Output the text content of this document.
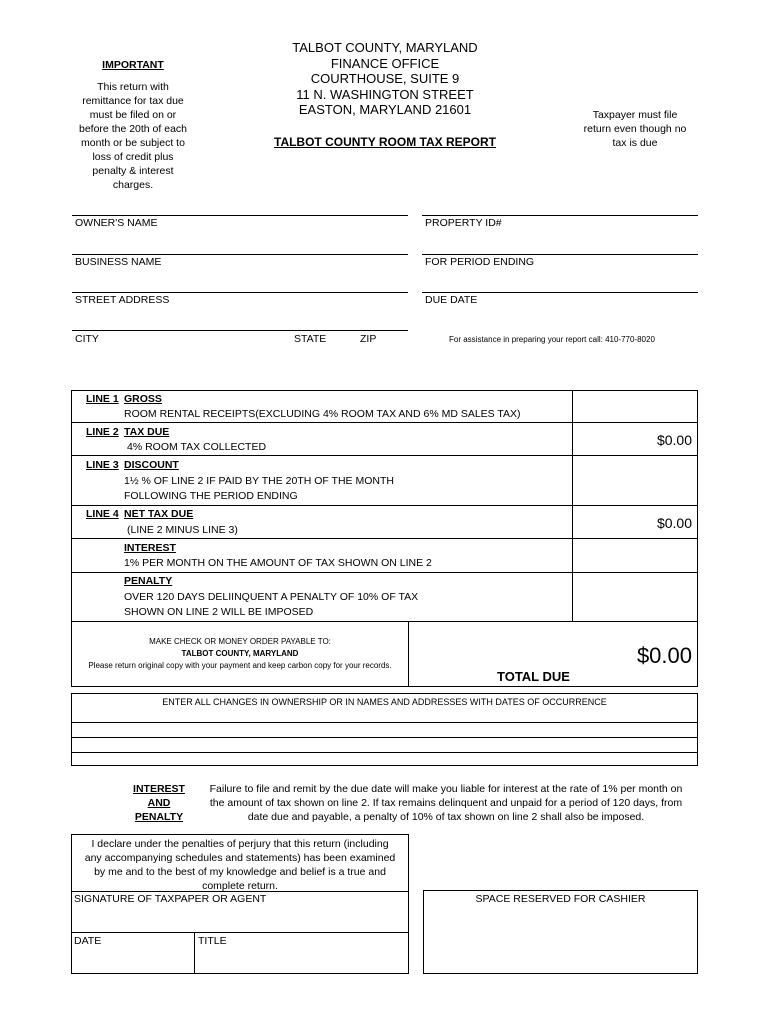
IMPORTANT
This return with
remittance for tax due
must be filed on or
before the 20th of each
month or be subject to
loss of credit plus
penalty & interest
charges.
TALBOT COUNTY, MARYLAND
FINANCE OFFICE
COURTHOUSE, SUITE 9
11 N. WASHINGTON STREET
EASTON, MARYLAND 21601
TALBOT COUNTY ROOM TAX REPORT
Taxpayer must file
return even though no
tax is due
OWNER'S NAME	PROPERTY ID#
BUSINESS NAME	FOR PERIOD ENDING
STREET ADDRESS	DUE DATE
CITY	STATE	ZIP	For assistance in preparing your report call: 410-770-8020
LINE 1 GROSS
ROOM RENTAL RECEIPTS(EXCLUDING 4% ROOM TAX AND 6% MD SALES TAX)
LINE 2 TAX DUE
4% ROOM TAX COLLECTED	$0.00
LINE 3 DISCOUNT
1½ % OF LINE 2 IF PAID BY THE 20TH OF THE MONTH
FOLLOWING THE PERIOD ENDING
LINE 4 NET TAX DUE
(LINE 2 MINUS LINE 3)	$0.00
INTEREST
1% PER MONTH ON THE AMOUNT OF TAX SHOWN ON LINE 2
PENALTY
OVER 120 DAYS DELIINQUENT A PENALTY OF 10% OF TAX
SHOWN ON LINE 2 WILL BE IMPOSED
MAKE CHECK OR MONEY ORDER PAYABLE TO:
TALBOT COUNTY, MARYLAND
Please return original copy with your payment and keep carbon copy for your records.
TOTAL DUE
$0.00
ENTER ALL CHANGES IN OWNERSHIP OR IN NAMES AND ADDRESSES WITH DATES OF OCCURRENCE
INTEREST
AND
PENALTY
Failure to file and remit by the due date will make you liable for interest at the rate of 1% per month on
the amount of tax shown on line 2. If tax remains delinquent and unpaid for a period of 120 days, from
date due and payable, a penalty of 10% of tax shown on line 2 shall also be imposed.
I declare under the penalties of perjury that this return (including
any accompanying schedules and statements) has been examined
by me and to the best of my knowledge and belief is a true and
complete return.
SIGNATURE OF TAXPAPER OR AGENT
DATE	TITLE
SPACE RESERVED FOR CASHIER
